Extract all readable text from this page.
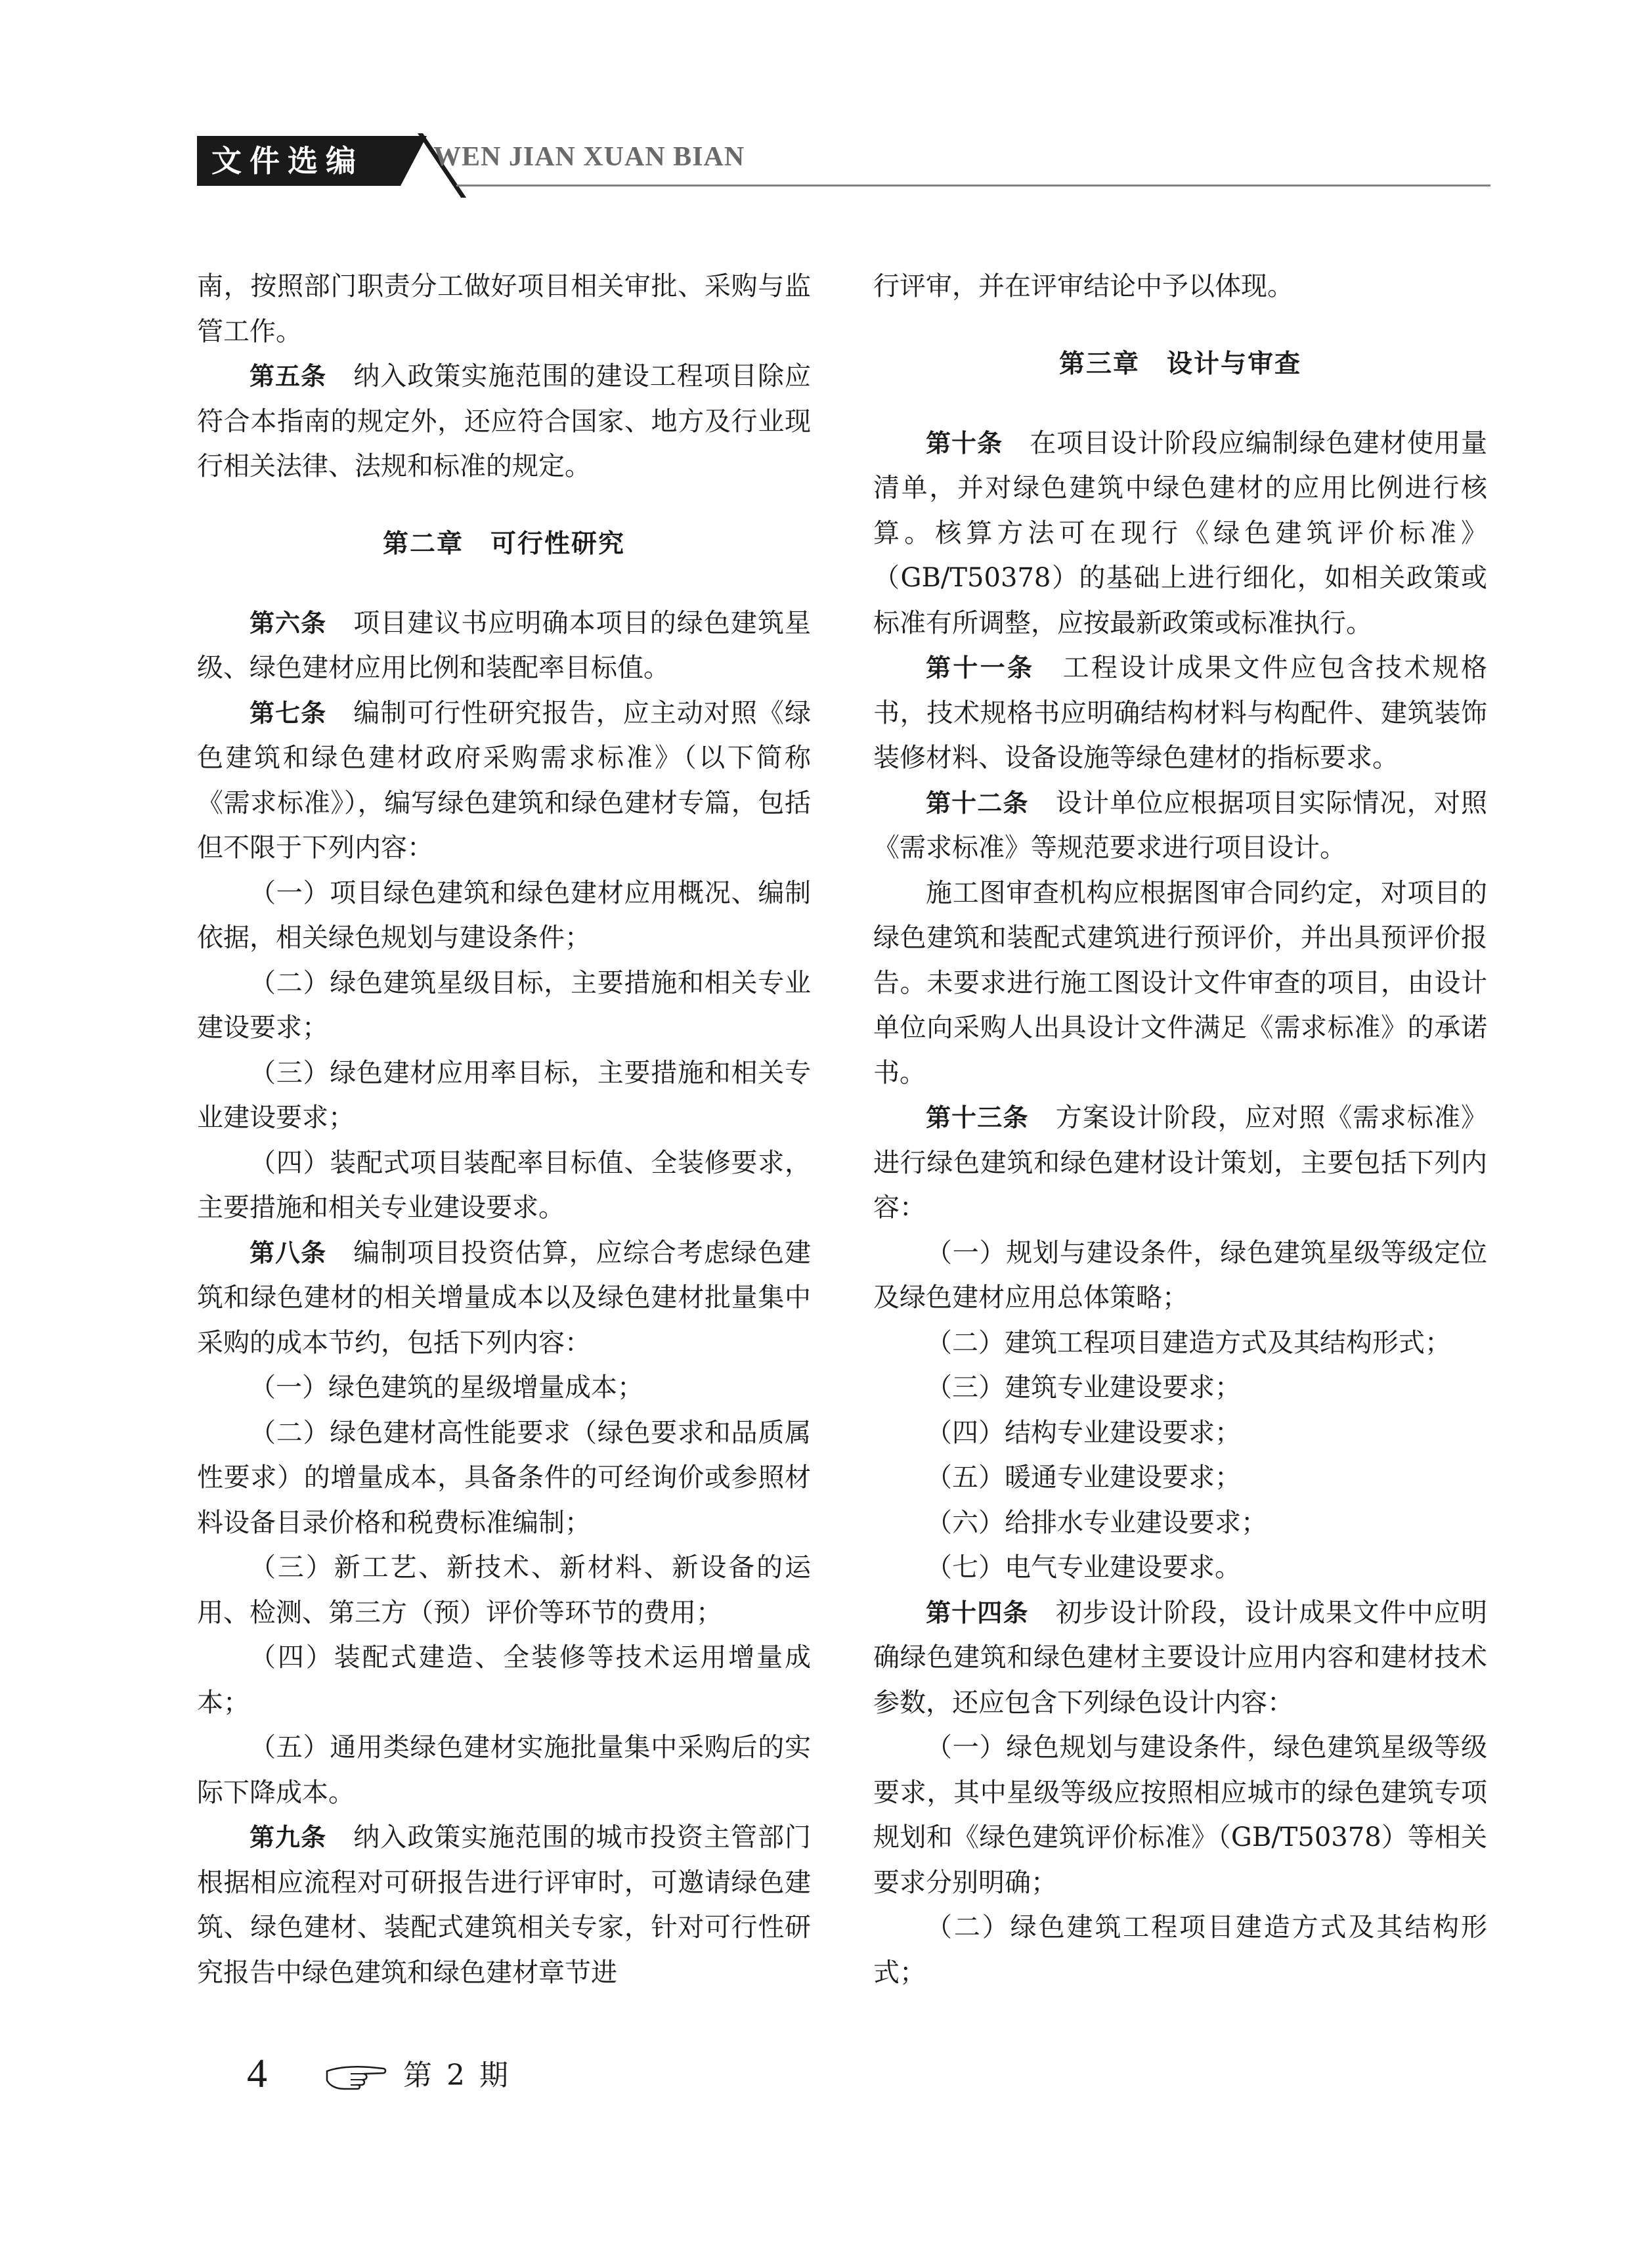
文件选编	WEN JIAN XUAN BIAN

南，按照部门职责分工做好项目相关审批、采购与监管工作。

第五条　 纳入政策实施范围的建设工程项目除应符合本指南的规定外，还应符合国家、地方及行业现行相关法律、法规和标准的规定。

第二章　可行性研究

第六条　 项目建议书应明确本项目的绿色建筑星级、绿色建材应用比例和装配率目标值。

第七条　 编制可行性研究报告，应主动对照《绿色建筑和绿色建材政府采购需求标准》（以下简称《需求标准》），编写绿色建筑和绿色建材专篇，包括但不限于下列内容：

（一）项目绿色建筑和绿色建材应用概况、编制依据，相关绿色规划与建设条件；

（二）绿色建筑星级目标，主要措施和相关专业建设要求；

（三）绿色建材应用率目标，主要措施和相关专业建设要求；

（四）装配式项目装配率目标值、全装修要求，主要措施和相关专业建设要求。

第八条　 编制项目投资估算，应综合考虑绿色建筑和绿色建材的相关增量成本以及绿色建材批量集中采购的成本节约，包括下列内容：

（一）绿色建筑的星级增量成本；

（二）绿色建材高性能要求（绿色要求和品质属性要求）的增量成本，具备条件的可经询价或参照材料设备目录价格和税费标准编制；

（三）新工艺、新技术、新材料、新设备的运用、检测、第三方（预）评价等环节的费用；

（四）装配式建造、全装修等技术运用增量成本；

（五）通用类绿色建材实施批量集中采购后的实际下降成本。

第九条　 纳入政策实施范围的城市投资主管部门根据相应流程对可研报告进行评审时，可邀请绿色建筑、绿色建材、装配式建筑相关专家，针对可行性研究报告中绿色建筑和绿色建材章节进

行评审，并在评审结论中予以体现。

第三章　设计与审查

第十条　 在项目设计阶段应编制绿色建材使用量清单，并对绿色建筑中绿色建材的应用比例进行核算。核算方法可在现行《绿色建筑评价标准》（GB/T50378）的基础上进行细化，如相关政策或标准有所调整，应按最新政策或标准执行。

第十一条　 工程设计成果文件应包含技术规格书，技术规格书应明确结构材料与构配件、建筑装饰装修材料、设备设施等绿色建材的指标要求。

第十二条　 设计单位应根据项目实际情况，对照《需求标准》等规范要求进行项目设计。

施工图审查机构应根据图审合同约定，对项目的绿色建筑和装配式建筑进行预评价，并出具预评价报告。未要求进行施工图设计文件审查的项目，由设计单位向采购人出具设计文件满足《需求标准》的承诺书。

第十三条　 方案设计阶段，应对照《需求标准》进行绿色建筑和绿色建材设计策划，主要包括下列内容：

（一）规划与建设条件，绿色建筑星级等级定位及绿色建材应用总体策略；

（二）建筑工程项目建造方式及其结构形式；

（三）建筑专业建设要求；

（四）结构专业建设要求；

（五）暖通专业建设要求；

（六）给排水专业建设要求；

（七）电气专业建设要求。

第十四条　 初步设计阶段，设计成果文件中应明确绿色建筑和绿色建材主要设计应用内容和建材技术参数，还应包含下列绿色设计内容：

（一）绿色规划与建设条件，绿色建筑星级等级要求，其中星级等级应按照相应城市的绿色建筑专项规划和《绿色建筑评价标准》（GB/T50378）等相关要求分别明确；

（二）绿色建筑工程项目建造方式及其结构形式；

4	第 2 期
